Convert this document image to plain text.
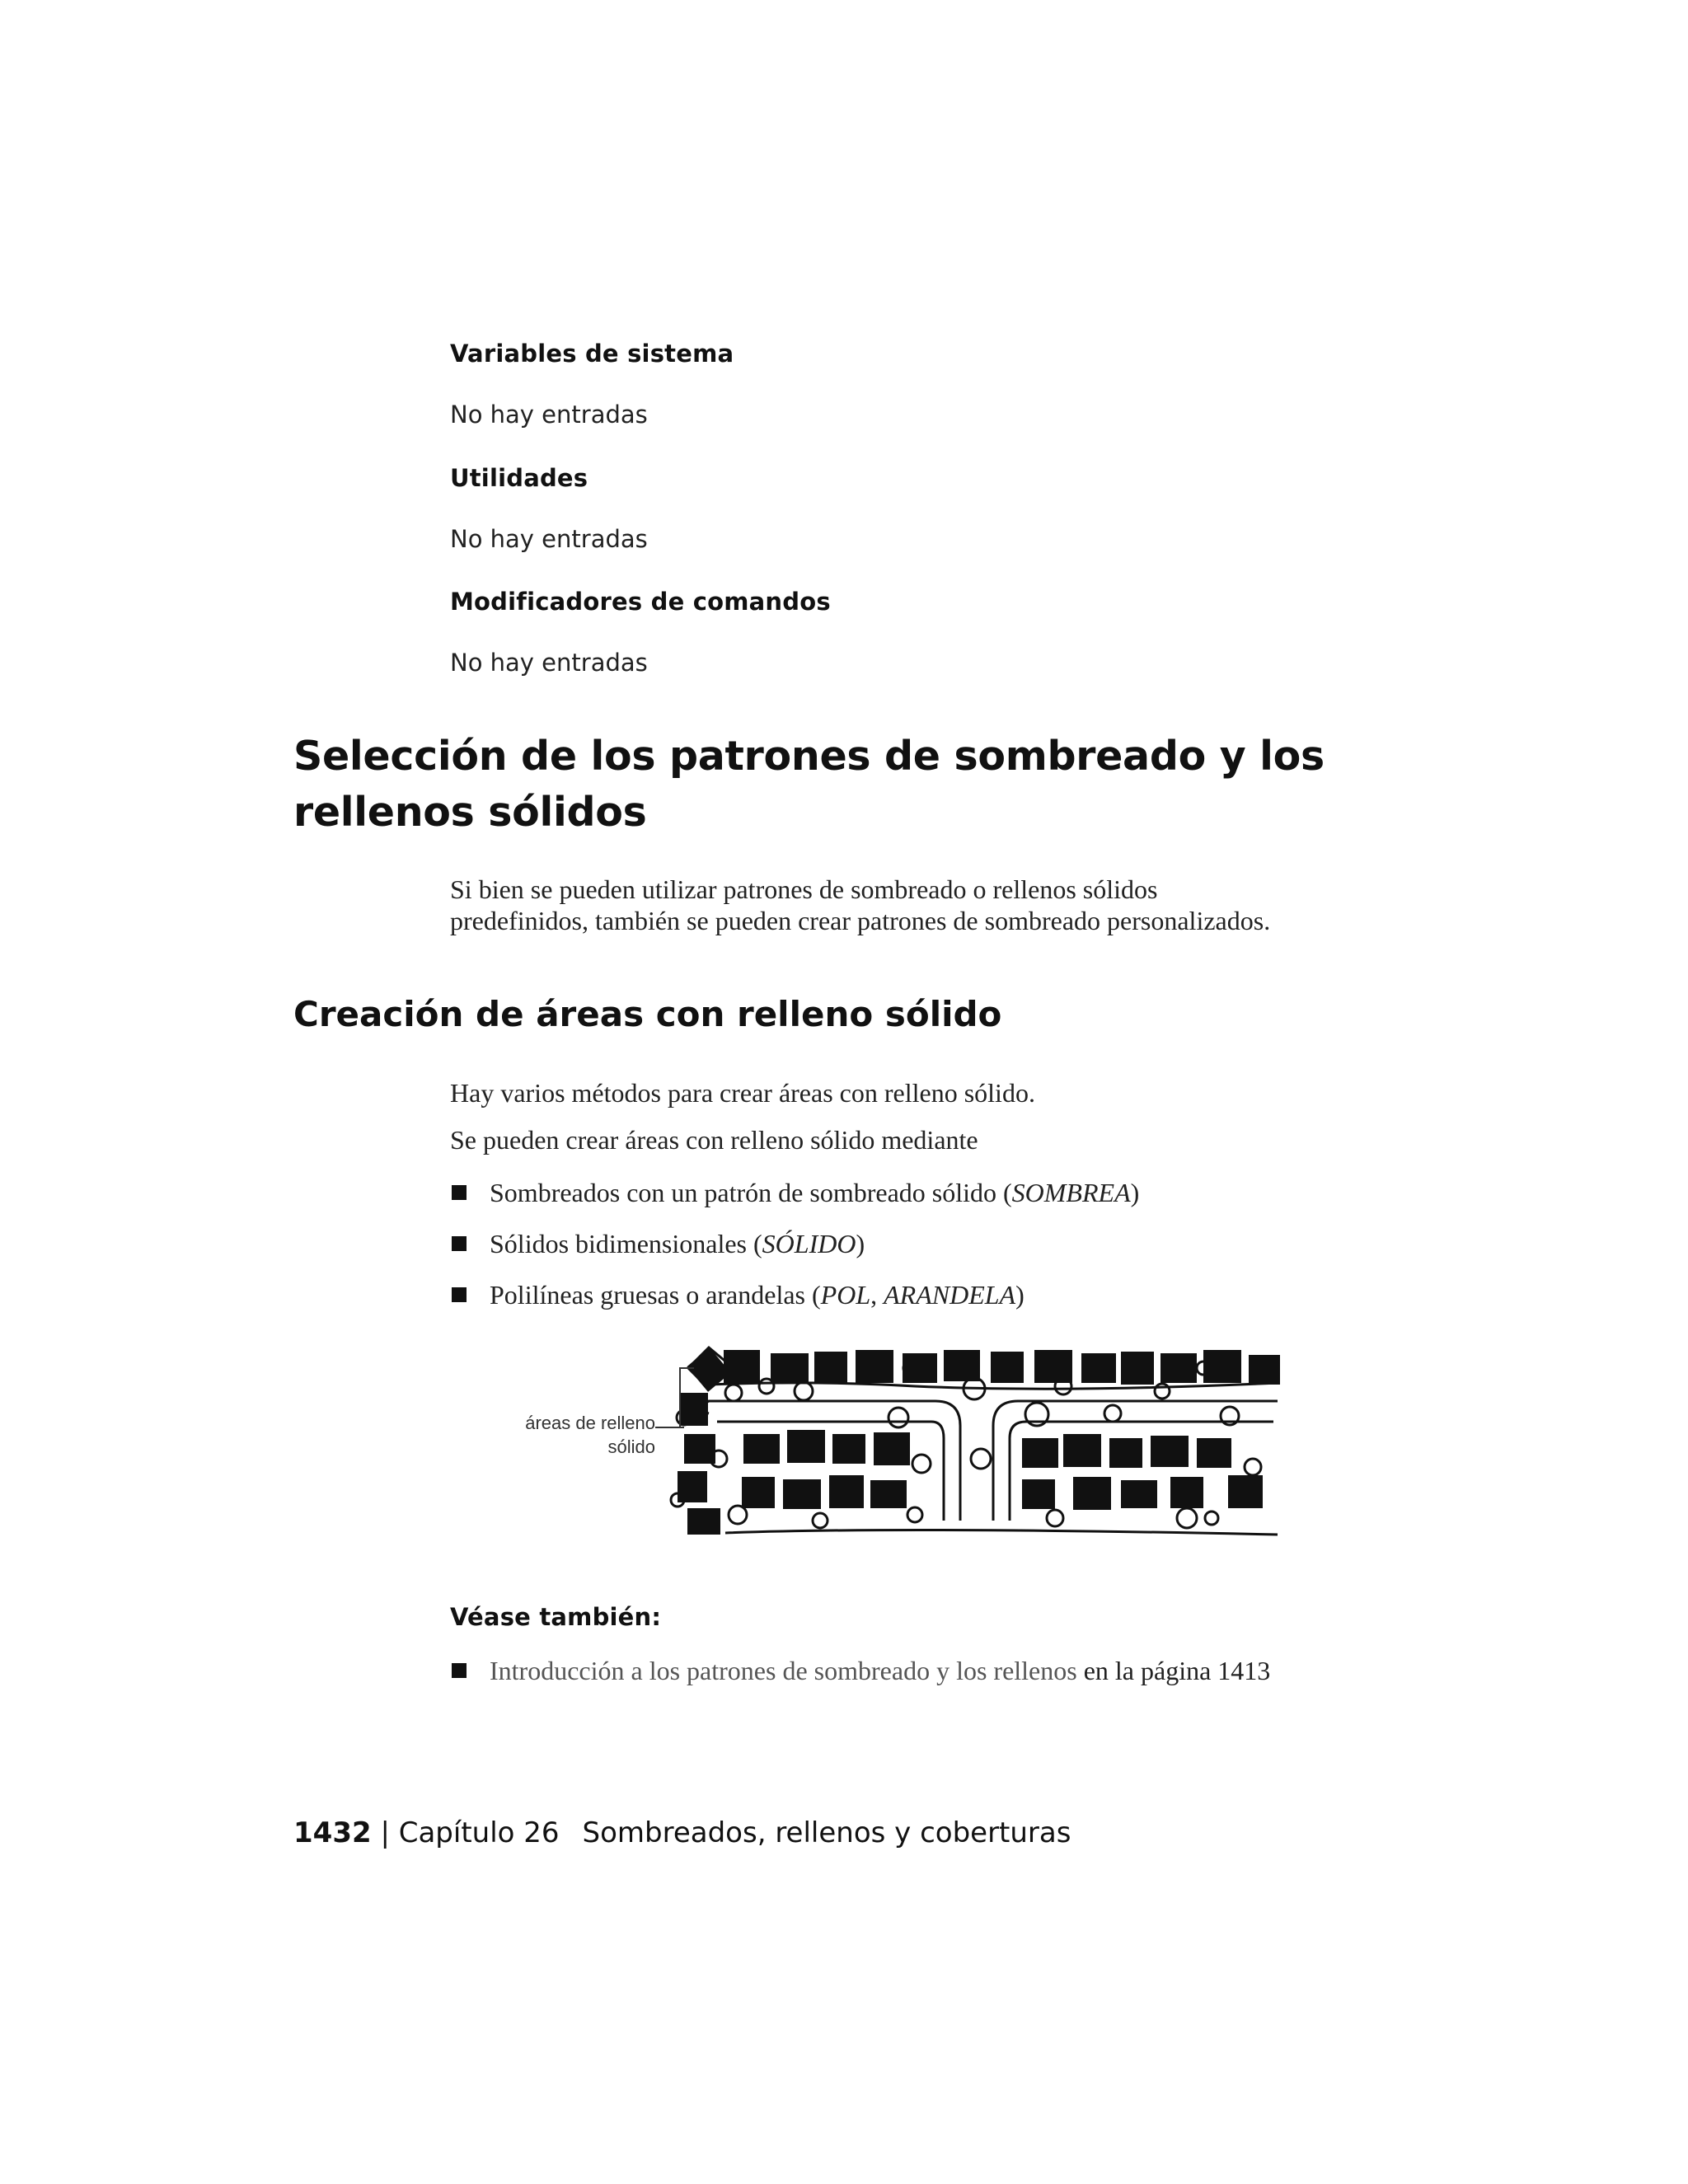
Variables de sistema
No hay entradas
Utilidades
No hay entradas
Modificadores de comandos
No hay entradas
Selección de los patrones de sombreado y los
rellenos sólidos
Si bien se pueden utilizar patrones de sombreado o rellenos sólidos
predefinidos, también se pueden crear patrones de sombreado personalizados.
Creación de áreas con relleno sólido
Hay varios métodos para crear áreas con relleno sólido.
Se pueden crear áreas con relleno sólido mediante
Sombreados con un patrón de sombreado sólido (SOMBREA)
Sólidos bidimensionales (SÓLIDO)
Polilíneas gruesas o arandelas (POL, ARANDELA)
áreas de relleno
sólido
Véase también:
Introducción a los patrones de sombreado y los rellenos en la página 1413
1432 | Capítulo 26 Sombreados, rellenos y coberturas
